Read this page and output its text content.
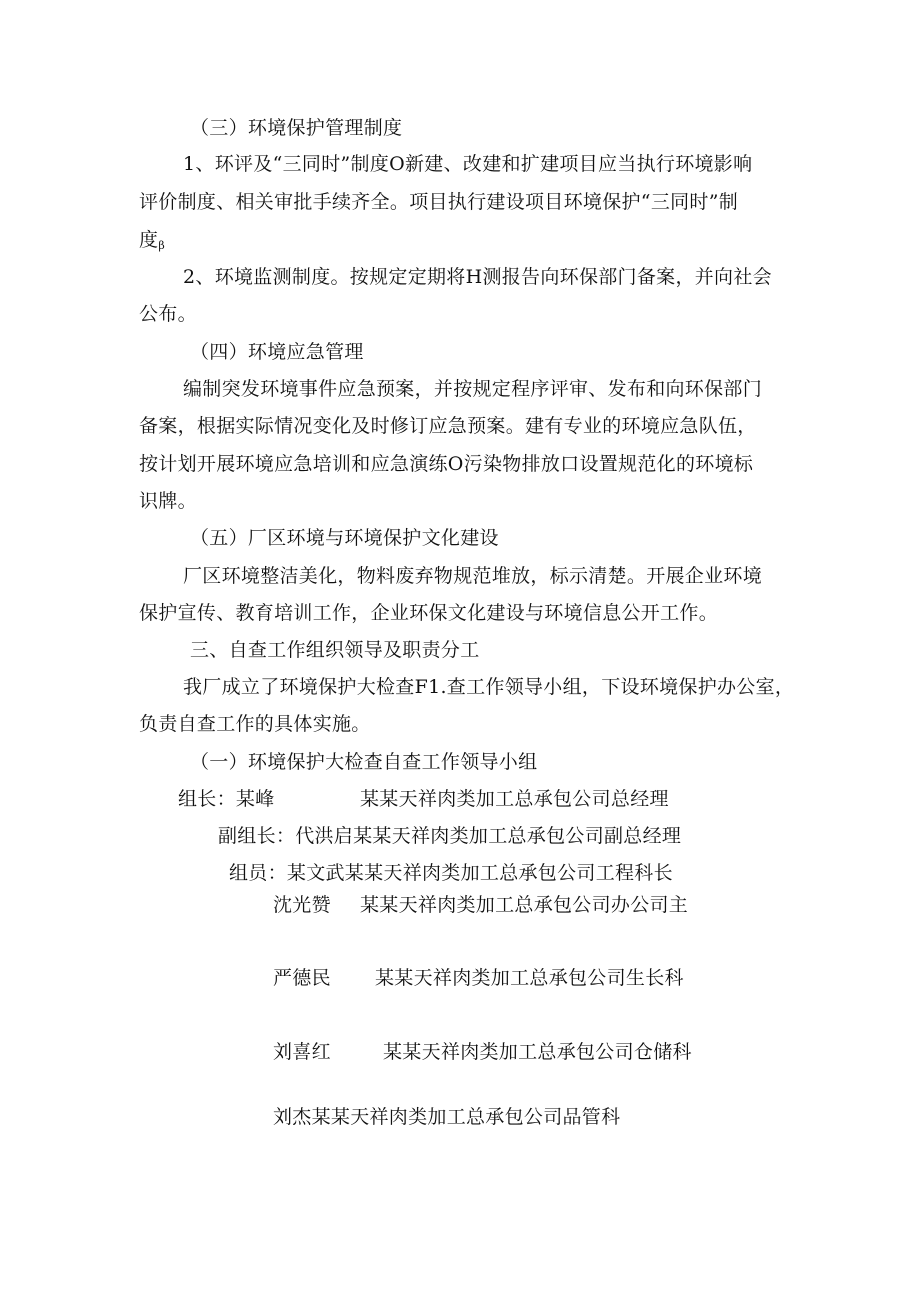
（三）环境保护管理制度
1、环评及“三同时”制度O新建、改建和扩建项目应当执行环境影响
评价制度、相关审批手续齐全。项目执行建设项目环境保护“三同时”制
度$_\beta$
2、环境监测制度。按规定定期将H测报告向环保部门备案，并向社会
公布。
（四）环境应急管理
编制突发环境事件应急预案，并按规定程序评审、发布和向环保部门
备案，根据实际情况变化及时修订应急预案。建有专业的环境应急队伍，
按计划开展环境应急培训和应急演练O污染物排放口设置规范化的环境标
识牌。
（五）厂区环境与环境保护文化建设
厂区环境整洁美化，物料废弃物规范堆放，标示清楚。开展企业环境
保护宣传、教育培训工作，企业环保文化建设与环境信息公开工作。
三、自查工作组织领导及职责分工
我厂成立了环境保护大检查F1.查工作领导小组，下设环境保护办公室，
负责自查工作的具体实施。
（一）环境保护大检查自查工作领导小组
组长：某峰	某某天祥肉类加工总承包公司总经理
副组长：代洪启某某天祥肉类加工总承包公司副总经理
组员：某文武某某天祥肉类加工总承包公司工程科长
沈光赞 某某天祥肉类加工总承包公司办公司主
严德民 某某天祥肉类加工总承包公司生长科
刘喜红	某某天祥肉类加工总承包公司仓储科
刘杰某某天祥肉类加工总承包公司品管科
